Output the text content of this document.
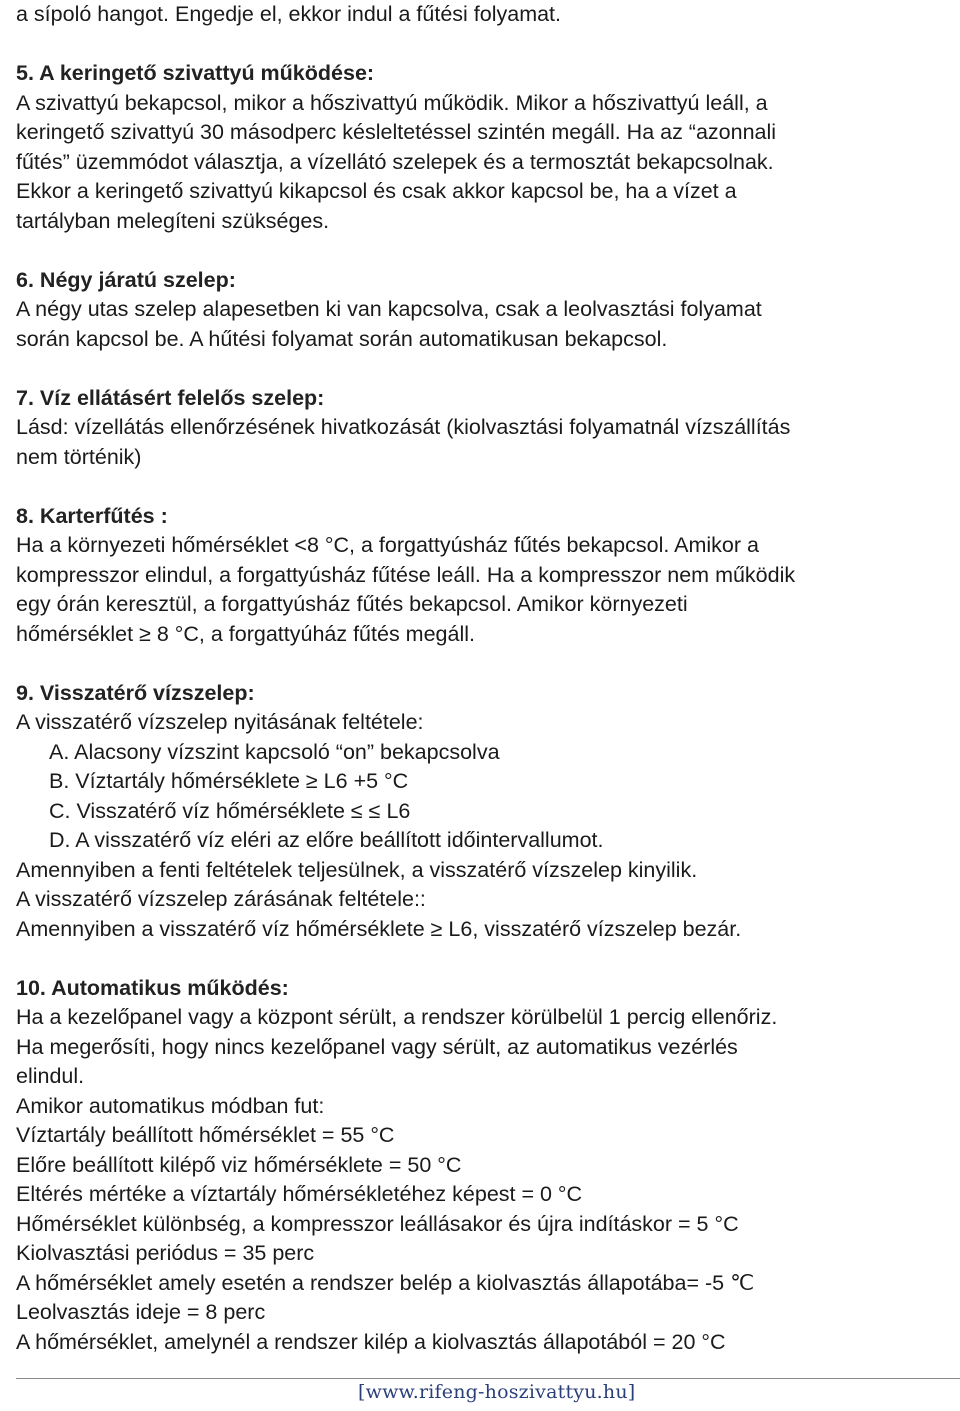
a sípoló hangot. Engedje el, ekkor indul a fűtési folyamat.
5. A keringető szivattyú működése:
A szivattyú bekapcsol, mikor a hőszivattyú működik. Mikor a hőszivattyú leáll, a
keringető szivattyú 30 másodperc késleltetéssel szintén megáll. Ha az “azonnali
fűtés” üzemmódot választja, a vízellátó szelepek és a termosztát bekapcsolnak.
Ekkor a keringető szivattyú kikapcsol és csak akkor kapcsol be, ha a vízet a
tartályban melegíteni szükséges.
6. Négy járatú szelep:
A négy utas szelep alapesetben ki van kapcsolva, csak a leolvasztási folyamat
során kapcsol be. A hűtési folyamat során automatikusan bekapcsol.
7. Víz ellátásért felelős szelep:
Lásd: vízellátás ellenőrzésének hivatkozását (kiolvasztási folyamatnál vízszállítás
nem történik)
8. Karterfűtés :
Ha a környezeti hőmérséklet <8 °C, a forgattyúsház fűtés bekapcsol. Amikor a
kompresszor elindul, a forgattyúsház fűtése leáll. Ha a kompresszor nem működik
egy órán keresztül, a forgattyúsház fűtés bekapcsol. Amikor környezeti
hőmérséklet ≥ 8 °C, a forgattyúház fűtés megáll.
9. Visszatérő vízszelep:
A visszatérő vízszelep nyitásának feltétele:
A. Alacsony vízszint kapcsoló “on” bekapcsolva
B. Víztartály hőmérséklete ≥ L6 +5 °C
C. Visszatérő víz hőmérséklete ≤ ≤ L6
D. A visszatérő víz eléri az előre beállított időintervallumot.
Amennyiben a fenti feltételek teljesülnek, a visszatérő vízszelep kinyilik.
A visszatérő vízszelep zárásának feltétele::
Amennyiben a visszatérő víz hőmérséklete ≥ L6, visszatérő vízszelep bezár.
10. Automatikus működés:
Ha a kezelőpanel vagy a központ sérült, a rendszer körülbelül 1 percig ellenőriz.
Ha megerősíti, hogy nincs kezelőpanel vagy sérült, az automatikus vezérlés
elindul.
Amikor automatikus módban fut:
Víztartály beállított hőmérséklet = 55 °C
Előre beállított kilépő viz hőmérséklete = 50 °C
Eltérés mértéke a víztartály hőmérsékletéhez képest = 0 °C
Hőmérséklet különbség, a kompresszor leállásakor és újra indításkor = 5 °C
Kiolvasztási periódus = 35 perc
A hőmérséklet amely esetén a rendszer belép a kiolvasztás állapotába= -5 ℃
Leolvasztás ideje = 8 perc
A hőmérséklet, amelynél a rendszer kilép a kiolvasztás állapotából = 20 °C
[www.rifeng-hoszivattyu.hu]
